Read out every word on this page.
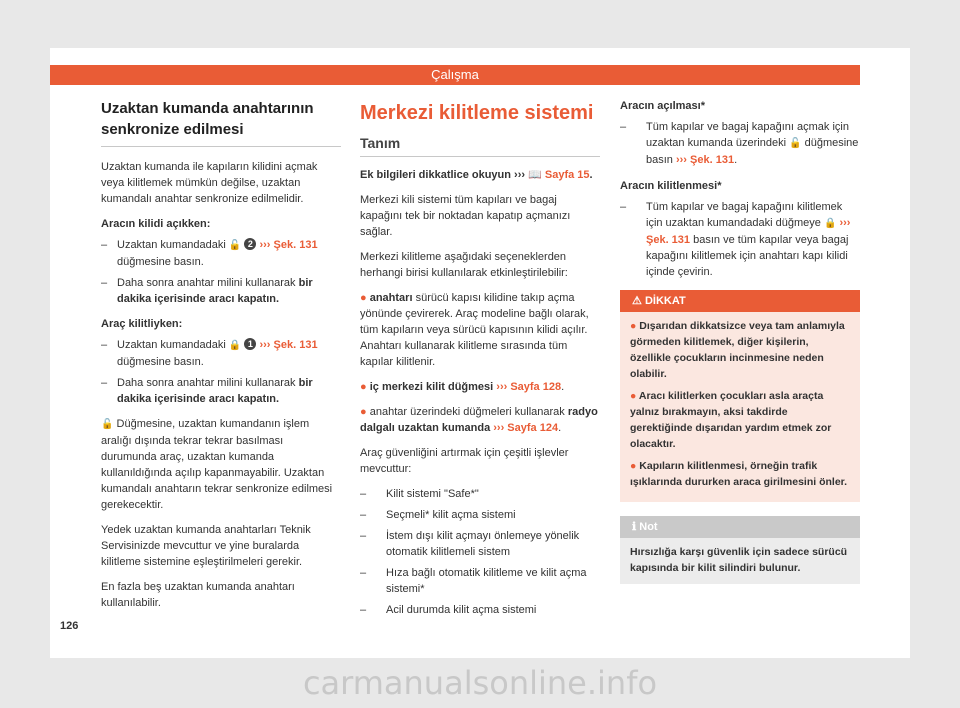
Çalışma
Uzaktan kumanda anahtarının senkronize edilmesi

Uzaktan kumanda ile kapıların kilidini açmak veya kilitlemek mümkün değilse, uzaktan kumandalı anahtar senkronize edilmelidir.

Aracın kilidi açıkken:

– Uzaktan kumandadaki 🔓 2 ››› Şek. 131 düğmesine basın.
– Daha sonra anahtar milini kullanarak bir dakika içerisinde aracı kapatın.

Araç kilitliyken:

– Uzaktan kumandadaki 🔒 1 ››› Şek. 131 düğmesine basın.
– Daha sonra anahtar milini kullanarak bir dakika içerisinde aracı kapatın.

🔓 Düğmesine, uzaktan kumandanın işlem aralığı dışında tekrar tekrar basılması durumunda araç, uzaktan kumanda kullanıldığında açılıp kapanmayabilir. Uzaktan kumandalı anahtarın tekrar senkronize edilmesi gerekecektir.

Yedek uzaktan kumanda anahtarları Teknik Servisinizde mevcuttur ve yine buralarda kilitleme sistemine eşleştirilmeleri gerekir.

En fazla beş uzaktan kumanda anahtarı kullanılabilir.

Merkezi kilitleme sistemi
Tanım

Ek bilgileri dikkatlice okuyun ››› 📖 Sayfa 15.

Merkezi kili sistemi tüm kapıları ve bagaj kapağını tek bir noktadan kapatıp açmanızı sağlar.

Merkezi kilitleme aşağıdaki seçeneklerden herhangi birisi kullanılarak etkinleştirilebilir:

● anahtarı sürücü kapısı kilidine takıp açma yönünde çevirerek. Araç modeline bağlı olarak, tüm kapıların veya sürücü kapısının kilidi açılır. Anahtarı kullanarak kilitleme sırasında tüm kapılar kilitlenir.

● iç merkezi kilit düğmesi ››› Sayfa 128.

● anahtar üzerindeki düğmeleri kullanarak radyo dalgalı uzaktan kumanda ››› Sayfa 124.

Araç güvenliğini artırmak için çeşitli işlevler mevcuttur:

– Kilit sistemi "Safe*"
– Seçmeli* kilit açma sistemi
– İstem dışı kilit açmayı önlemeye yönelik otomatik kilitlemeli sistem
– Hıza bağlı otomatik kilitleme ve kilit açma sistemi*
– Acil durumda kilit açma sistemi

Aracın açılması*

– Tüm kapılar ve bagaj kapağını açmak için uzaktan kumanda üzerindeki 🔓 düğmesine basın ››› Şek. 131.

Aracın kilitlenmesi*

– Tüm kapılar ve bagaj kapağını kilitlemek için uzaktan kumandadaki düğmeye 🔒 ››› Şek. 131 basın ve tüm kapılar veya bagaj kapağını kilitlemek için anahtarı kapı kilidi içinde çevirin.
⚠ DİKKAT

● Dışarıdan dikkatsizce veya tam anlamıyla görmeden kilitlemek, diğer kişilerin, özellikle çocukların incinmesine neden olabilir.

● Aracı kilitlerken çocukları asla araçta yalnız bırakmayın, aksi takdirde gerektiğinde dışarıdan yardım etmek zor olacaktır.

● Kapıların kilitlenmesi, örneğin trafik ışıklarında dururken araca girilmesini önler.

ℹ Not
Hırsızlığa karşı güvenlik için sadece sürücü kapısında bir kilit silindiri bulunur.
126
carmanualsonline.info
